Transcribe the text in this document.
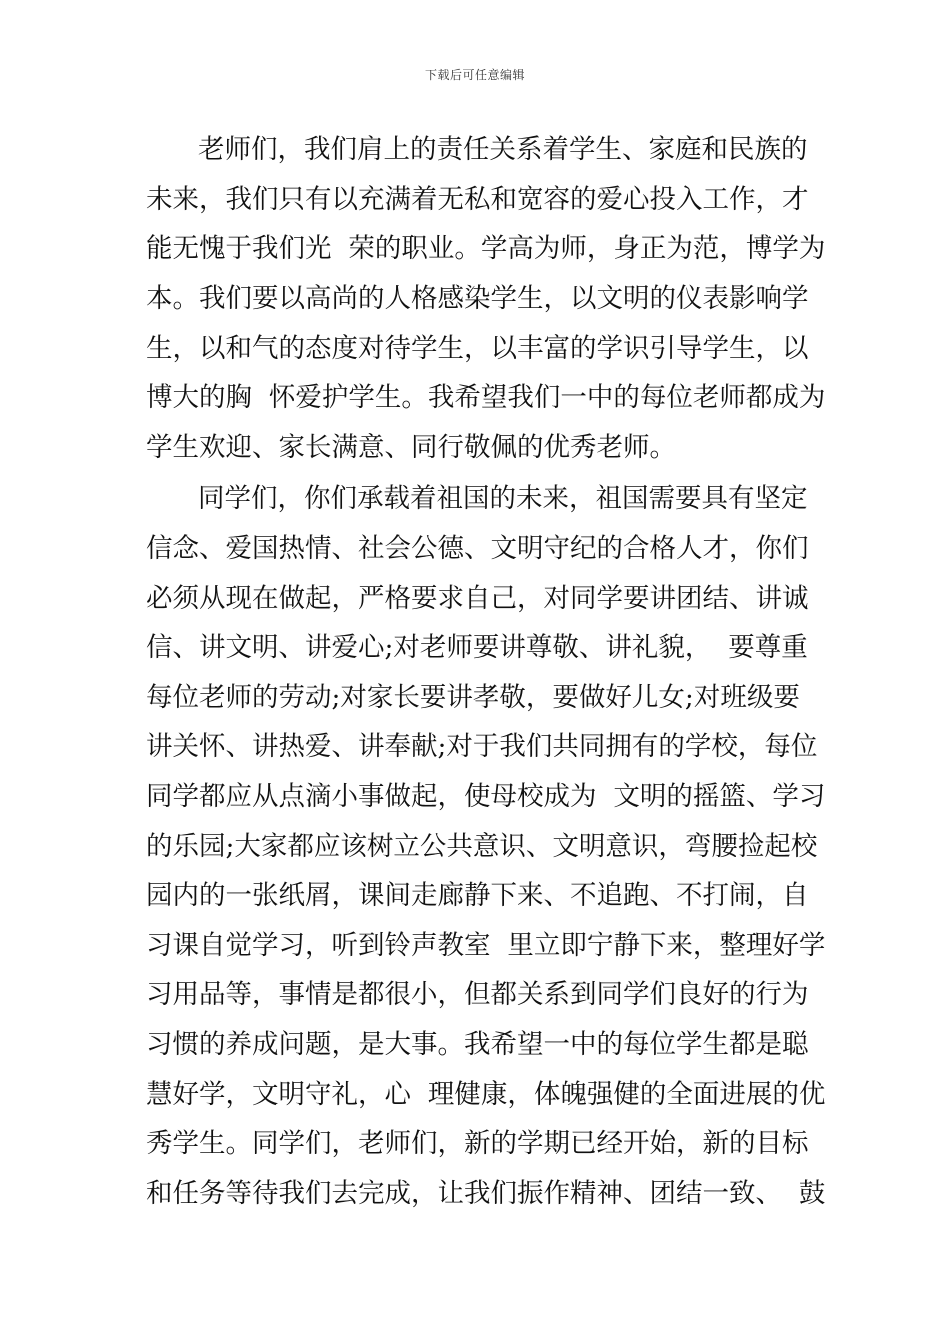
下载后可任意编辑
老师们，我们肩上的责任关系着学生、家庭和民族的
未来，我们只有以充满着无私和宽容的爱心投入工作，才
能无愧于我们光  荣的职业。学高为师，身正为范，博学为
本。我们要以高尚的人格感染学生，以文明的仪表影响学
生，以和气的态度对待学生，以丰富的学识引导学生，以
博大的胸  怀爱护学生。我希望我们一中的每位老师都成为
学生欢迎、家长满意、同行敬佩的优秀老师。
同学们，你们承载着祖国的未来，祖国需要具有坚定
信念、爱国热情、社会公德、文明守纪的合格人才，你们
必须从现在做起，严格要求自己，对同学要讲团结、讲诚
信、讲文明、讲爱心;对老师要讲尊敬、讲礼貌，  要尊重
每位老师的劳动;对家长要讲孝敬，要做好儿女;对班级要
讲关怀、讲热爱、讲奉献;对于我们共同拥有的学校，每位
同学都应从点滴小事做起，使母校成为  文明的摇篮、学习
的乐园;大家都应该树立公共意识、文明意识，弯腰捡起校
园内的一张纸屑，课间走廊静下来、不追跑、不打闹，自
习课自觉学习，听到铃声教室  里立即宁静下来，整理好学
习用品等，事情是都很小，但都关系到同学们良好的行为
习惯的养成问题，是大事。我希望一中的每位学生都是聪
慧好学，文明守礼，心  理健康，体魄强健的全面进展的优
秀学生。同学们，老师们，新的学期已经开始，新的目标
和任务等待我们去完成，让我们振作精神、团结一致、  鼓
